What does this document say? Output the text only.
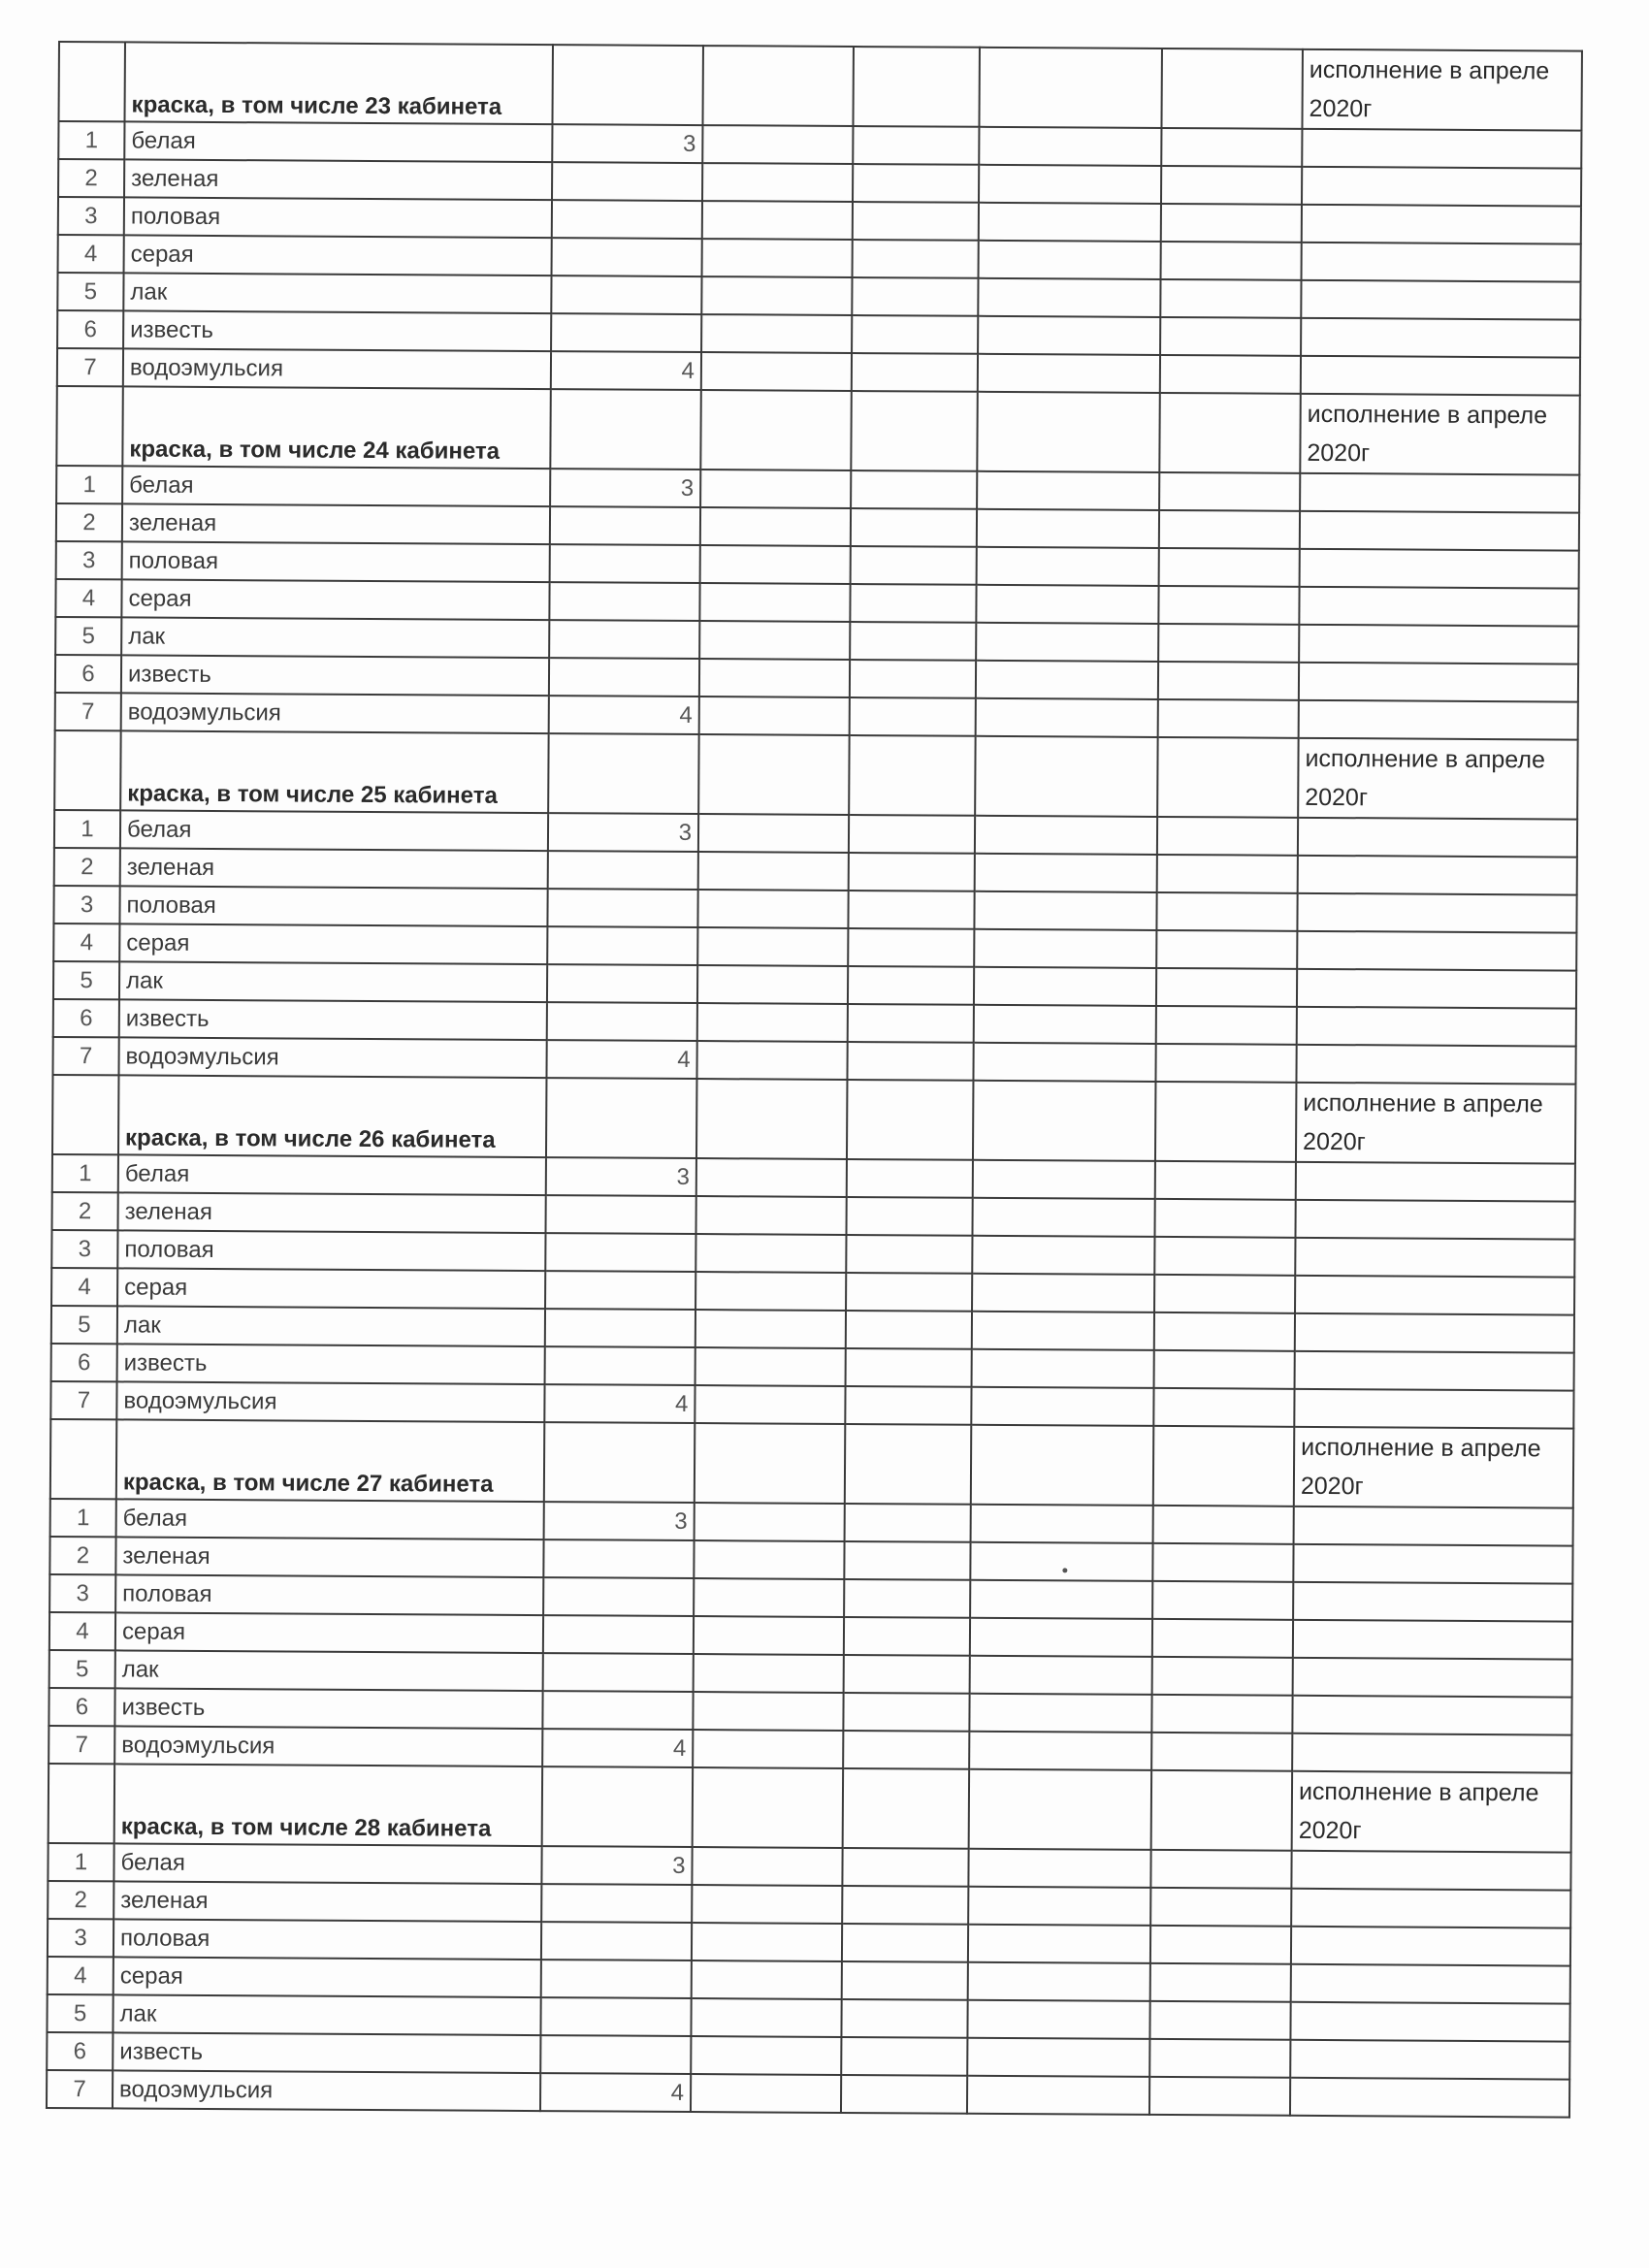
	краска, в том числе 23 кабинета						исполнение в апреле 2020г
1	белая	3					
2	зеленая						
3	половая						
4	серая						
5	лак						
6	известь						
7	водоэмульсия	4					
	краска, в том числе 24 кабинета						исполнение в апреле 2020г
1	белая	3					
2	зеленая						
3	половая						
4	серая						
5	лак						
6	известь						
7	водоэмульсия	4					
	краска, в том числе 25 кабинета						исполнение в апреле 2020г
1	белая	3					
2	зеленая						
3	половая						
4	серая						
5	лак						
6	известь						
7	водоэмульсия	4					
	краска, в том числе 26 кабинета						исполнение в апреле 2020г
1	белая	3					
2	зеленая						
3	половая						
4	серая						
5	лак						
6	известь						
7	водоэмульсия	4					
	краска, в том числе 27 кабинета						исполнение в апреле 2020г
1	белая	3					
2	зеленая						
3	половая						
4	серая						
5	лак						
6	известь						
7	водоэмульсия	4					
	краска, в том числе 28 кабинета						исполнение в апреле 2020г
1	белая	3					
2	зеленая						
3	половая						
4	серая						
5	лак						
6	известь						
7	водоэмульсия	4					
